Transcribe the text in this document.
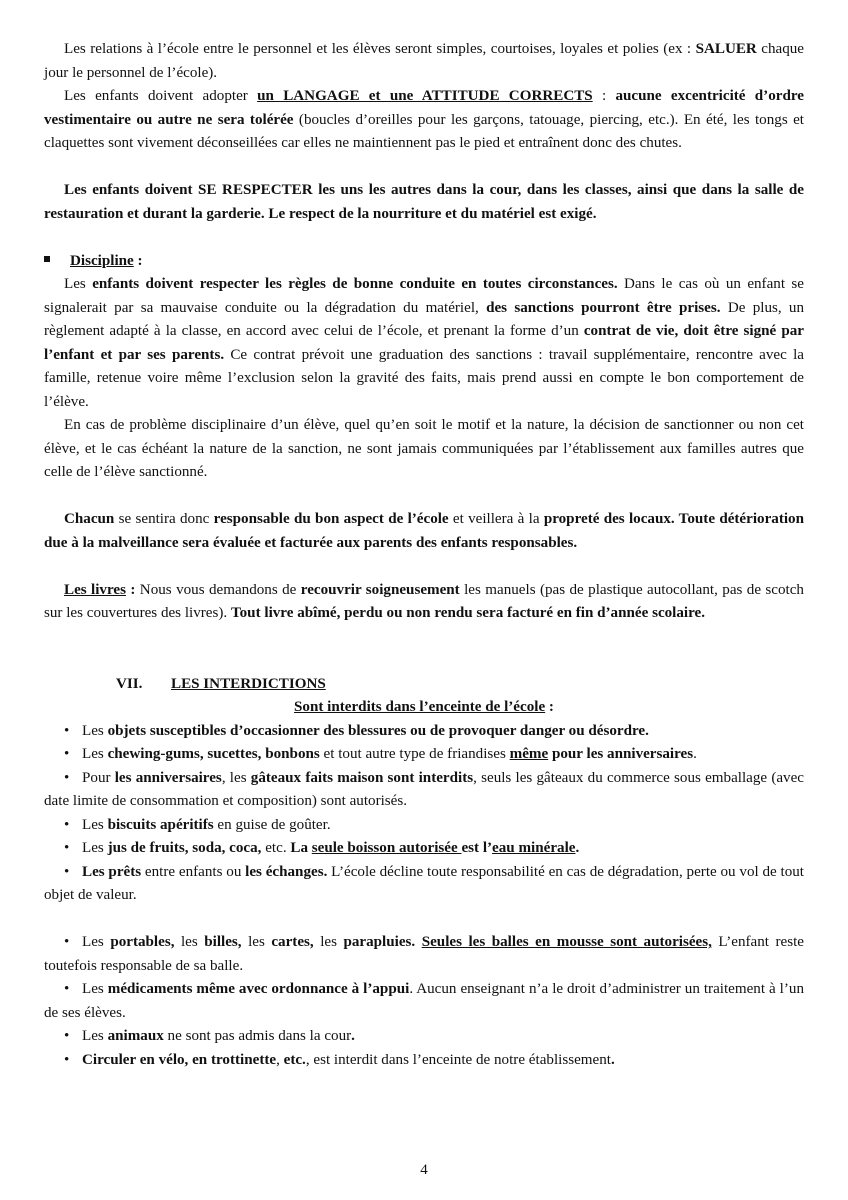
Les relations à l’école entre le personnel et les élèves seront simples, courtoises, loyales et polies (ex : SALUER chaque jour le personnel de l’école).

Les enfants doivent adopter un LANGAGE et une ATTITUDE CORRECTS : aucune excentricité d’ordre vestimentaire ou autre ne sera tolérée (boucles d’oreilles pour les garçons, tatouage, piercing, etc.). En été, les tongs et claquettes sont vivement déconseillées car elles ne maintiennent pas le pied et entraînent donc des chutes.

Les enfants doivent SE RESPECTER les uns les autres dans la cour, dans les classes, ainsi que dans la salle de restauration et durant la garderie. Le respect de la nourriture et du matériel est exigé.

Discipline :

Les enfants doivent respecter les règles de bonne conduite en toutes circonstances. Dans le cas où un enfant se signalerait par sa mauvaise conduite ou la dégradation du matériel, des sanctions pourront être prises. De plus, un règlement adapté à la classe, en accord avec celui de l’école, et prenant la forme d’un contrat de vie, doit être signé par l’enfant et par ses parents. Ce contrat prévoit une graduation des sanctions : travail supplémentaire, rencontre avec la famille, retenue voire même l’exclusion selon la gravité des faits, mais prend aussi en compte le bon comportement de l’élève.

En cas de problème disciplinaire d’un élève, quel qu’en soit le motif et la nature, la décision de sanctionner ou non cet élève, et le cas échéant la nature de la sanction, ne sont jamais communiquées par l’établissement aux familles autres que celle de l’élève sanctionné.

Chacun se sentira donc responsable du bon aspect de l’école et veillera à la propreté des locaux. Toute détérioration due à la malveillance sera évaluée et facturée aux parents des enfants responsables.

Les livres : Nous vous demandons de recouvrir soigneusement les manuels (pas de plastique autocollant, pas de scotch sur les couvertures des livres). Tout livre abîmé, perdu ou non rendu sera facturé en fin d’année scolaire.

VII.	LES INTERDICTIONS

Sont interdits dans l’enceinte de l’école :

• Les objets susceptibles d’occasionner des blessures ou de provoquer danger ou désordre.

• Les chewing-gums, sucettes, bonbons et tout autre type de friandises même pour les anniversaires.

• Pour les anniversaires, les gâteaux faits maison sont interdits, seuls les gâteaux du commerce sous emballage (avec date limite de consommation et composition) sont autorisés.

• Les biscuits apéritifs en guise de goûter.

• Les jus de fruits, soda, coca, etc. La seule boisson autorisée est l’eau minérale.

• Les prêts entre enfants ou les échanges. L’école décline toute responsabilité en cas de dégradation, perte ou vol de tout objet de valeur.

• Les portables, les billes, les cartes, les parapluies. Seules les balles en mousse sont autorisées, L’enfant reste toutefois responsable de sa balle.

• Les médicaments même avec ordonnance à l’appui. Aucun enseignant n’a le droit d’administrer un traitement à l’un de ses élèves.

• Les animaux ne sont pas admis dans la cour.

• Circuler en vélo, en trottinette, etc., est interdit dans l’enceinte de notre établissement.

4
